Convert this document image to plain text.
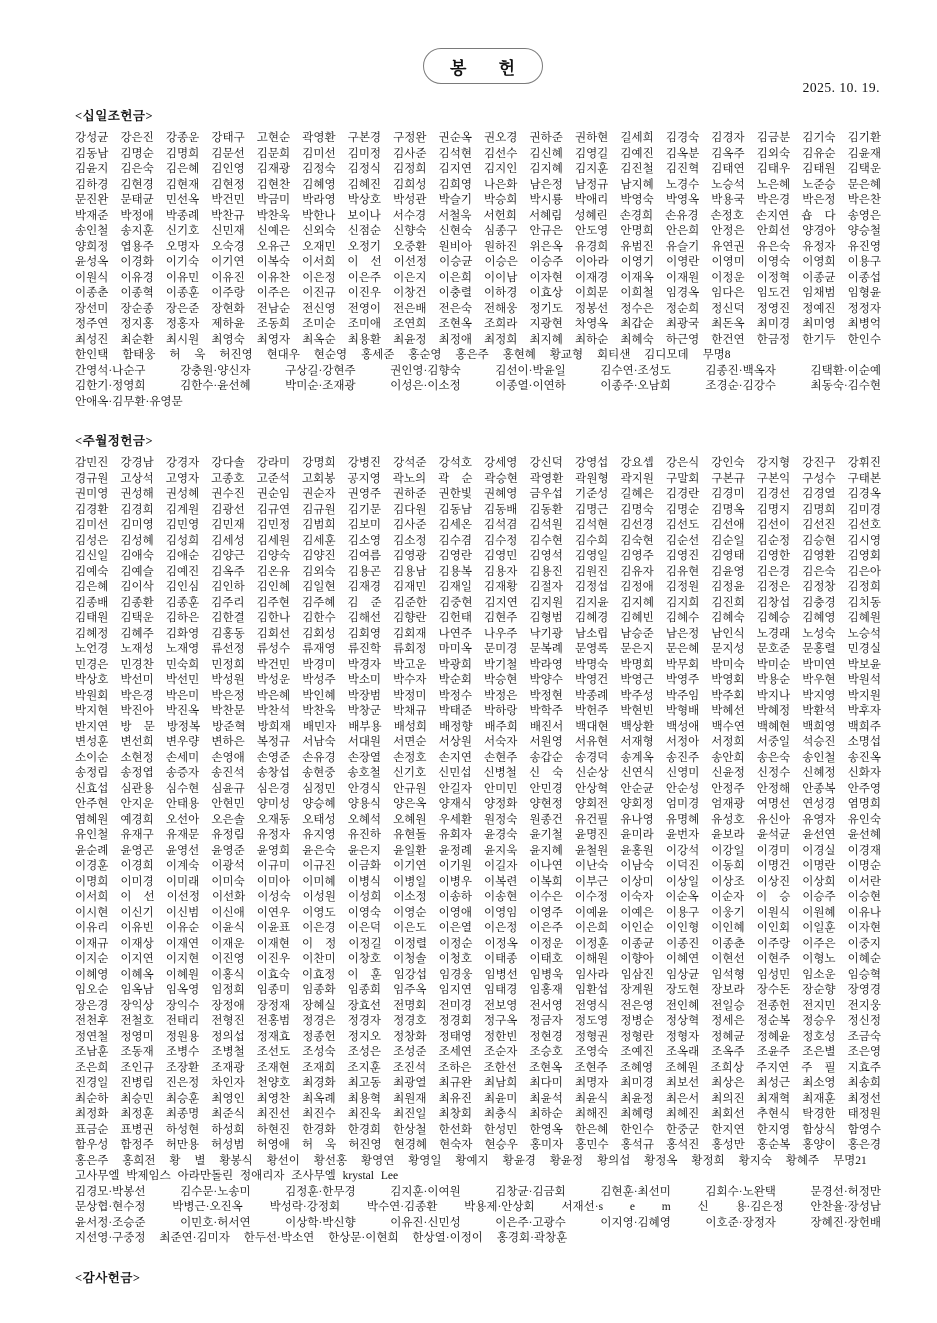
봉 헌
2025. 10. 19.
<십일조헌금>
강성균 강은진 강종운 강태구 고현순 곽영환 구본경 구정완 권순옥 권오경 권하준 권하현 길세희 김경숙 김경자 김금분 김기숙 김기환
김동남 김명순 김명희 김문선 김문희 김미선 김미정 김사준 김석현 김선수 김신혜 김영길 김예진 김옥분 김옥주 김외숙 김유순 김윤재
김윤지 김은숙 김은혜 김인영 김재광 김정숙 김정식 김정희 김지연 김지인 김지혜 김지훈 김진철 김진혁 김태연 김태우 김태원 김택운
김하경 김현경 김현재 김현정 김현찬 김혜영 김혜진 김희성 김희영 나은화 남은정 남정규 남지혜 노경수 노승석 노은혜 노준승 문은혜
문진완 문태균 민선옥 박건민 박금미 박라영 박상호 박성관 박슬기 박승희 박시룡 박애리 박영숙 박영옥 박용국 박은경 박은정 박은찬
박재준 박정애 박종례 박찬규 박찬욱 박한나 보이나 서수경 서철욱 서헌희 서혜림 성혜린 손경희 손유경 손정호 손지연 숍 다 송영은
송인철 송지훈 신기호 신민재 신예은 신외숙 신점순 신향숙 신현숙 심종구 안규은 안도영 안명희 안은희 안정은 안희선 양경아 양승철
양희정 엽용주 오명자 오숙경 오유근 오재민 오정기 오중환 원비아 원하진 위은옥 유경희 유범진 유슬기 유연권 유은숙 유정자 유진영
윤성옥 이경화 이기숙 이기연 이복숙 이서희 이 선 이선정 이승균 이승은 이승주 이아라 이영기 이영란 이영미 이영숙 이영희 이용구
이원식 이유경 이유민 이유진 이유찬 이은정 이은주 이은지 이은희 이이남 이자현 이재경 이재옥 이재원 이정운 이정혁 이종균 이종섭
이종춘 이종혁 이종훈 이주랑 이주은 이진규 이진우 이창건 이충렬 이하경 이효상 이희문 이희철 임경옥 임다은 임도건 임채범 임형윤
장선미 장순종 장은준 장현화 전남순 전신영 전영이 전은배 전은숙 전해웅 정기도 정봉선 정수은 정순희 정신덕 정영진 정예진 정정자
정주연 정지홍 정홍자 제하윤 조동희 조미순 조미애 조연희 조현옥 조희라 지광현 차영옥 최갑순 최광국 최돈옥 최미경 최미영 최병억
최성진 최순환 최시원 최영숙 최영자 최옥순 최용환 최윤정 최정애 최정희 최지혜 최하순 최혜숙 하근영 한건연 한금정 한기두 한인수
한인택 함태웅 허 욱 허진영 현대우 현순영 홍세준 홍순영 홍은주 홍현혜 황교형 회티샌 김디모데 무명8
간영석·나순구 강충원·양신자 구상길·강현주 권인영·김향숙 김선이·박윤일 김수연·조성도 김종진·백옥자 김택환·이순예
김한기·정영희 김한수·윤선혜 박미순·조재광 이성은·이소정 이종열·이연하 이종주·오남희 조경순·김강수 최동숙·김수현
안애옥·김무환·유영문
<주월정헌금>
감민진 강경남 강경자 강다솔 강라미 강명희 강병진 강석준 강석호 강세영 강신덕 강영섭 강요셉 강은식 강인숙 강지형 강진구 강휘진
경규원 고상석 고영자 고종호 고준석 고회봉 공지영 곽노의 곽 순 곽승현 곽영환 곽원형 곽지원 구말회 구본규 구본익 구성수 구태본
권미영 권성해 권성혜 권수진 권순임 권순자 권영주 권하준 권한빛 권혜영 금우섭 기준성 길혜은 김경란 김경미 김경선 김경열 김경옥
김경환 김경희 김계원 김광선 김규연 김규원 김기문 김다원 김동남 김동배 김동환 김명근 김명숙 김명순 김명옥 김명지 김명희 김미경
김미선 김미영 김민영 김민재 김민정 김범희 김보미 김사준 김세온 김석겸 김석원 김석현 김선경 김선도 김선애 김선이 김선진 김선호
김성은 김성혜 김성희 김세성 김세원 김세훈 김소영 김소정 김수겸 김수정 김수현 김수희 김숙현 김순선 김순일 김순정 김승현 김시영
김신일 김애숙 김애순 김양근 김양숙 김양진 김여름 김영광 김영란 김영민 김영석 김영일 김영주 김영진 김영태 김영한 김영환 김영회
김예숙 김예슬 김예진 김옥주 김온유 김외숙 김용곤 김용남 김용복 김용자 김용진 김원진 김유자 김유현 김윤영 김은경 김은숙 김은아
김은혜 김이삭 김인심 김인하 김인혜 김일현 김재경 김재민 김재일 김재황 김절자 김정섭 김정애 김정원 김정윤 김정은 김정창 김정희
김종배 김종환 김종훈 김주리 김주현 김주혜 김 준 김준한 김중현 김지연 김지원 김지윤 김지혜 김지희 김진희 김창섭 김충경 김치동
김태원 김택운 김하은 김한결 김한나 김한수 김해선 김향란 김헌태 김현주 김형범 김혜경 김혜빈 김혜수 김혜숙 김혜승 김혜영 김혜원
김혜정 김혜주 김화영 김홍동 김회선 김회성 김회영 김회재 나연주 나우주 낙기광 남소립 남승준 남은정 남인식 노경래 노성숙 노승석
노언경 노재성 노재영 류선정 류성수 류재영 류진학 류회정 마미옥 문미경 문복례 문영록 문은지 문은혜 문지성 문호준 문홍렬 민경실
민경은 민경찬 민숙희 민정희 박건민 박경미 박경자 박고운 박광희 박기철 박라영 박명숙 박명희 박무회 박미숙 박미순 박미연 박보윤
박상호 박선미 박선민 박성원 박성운 박성주 박소미 박수자 박순회 박승현 박양수 박영건 박영근 박영주 박영회 박용순 박우현 박원석
박원회 박은경 박은미 박은정 박은혜 박인혜 박장범 박정미 박정수 박정은 박정현 박종례 박주성 박주임 박주회 박지나 박지영 박지원
박지현 박진아 박진옥 박찬문 박찬석 박찬욱 박창군 박채규 박태준 박하랑 박학주 박헌주 박현빈 박형배 박혜선 박혜정 박환석 박후자
반지연 방 문 방정복 방준혁 방희재 배민자 배부용 배성희 배정향 배주희 배진서 백대현 백상환 백성애 백수연 백혜현 백희영 백희주
변성훈 변선희 변우량 변하은 복정규 서남숙 서대원 서면순 서상원 서숙자 서원영 서유현 서재형 서정아 서정희 서중일 석승진 소명섭
소이순 소현정 손세미 손영애 손영준 손유경 손장열 손정호 손지연 손현주 송갑순 송경덕 송계옥 송진주 송안희 송은숙 송인철 송진옥
송정림 송정엽 송증자 송진석 송창섭 송현중 송호철 신기호 신민섭 신병철 신 숙 신순상 신연식 신영미 신윤정 신정수 신혜정 신화자
신효섭 심관용 심수현 심윤규 심은경 심정민 안경식 안규원 안길자 안미민 안민경 안상혁 안순균 안순성 안정주 안정해 안종복 안주영
안주현 안지운 안태용 안현민 양미성 양승혜 양용식 양은옥 양재식 양정화 양현정 양회전 양회정 엄미경 엄재광 여명선 연성경 염명희
염혜원 예경희 오선아 오은솔 오재동 오태성 오혜석 오혜원 우세환 원정숙 원종건 유건필 유나영 유명혜 유성호 유신아 유영자 유인숙
유인철 유재구 유재문 유정림 유정자 유지영 유진하 유현돌 유회자 윤경숙 윤기철 윤명진 윤미라 윤번자 윤보라 윤석균 윤선연 윤선혜
윤순례 윤영곤 윤영선 윤영준 윤영희 윤은숙 윤은지 윤일환 윤정례 윤지욱 윤지혜 윤철원 윤홍원 이강석 이강일 이경미 이경실 이경재
이경훈 이경희 이계숙 이광석 이규미 이규진 이금화 이기연 이기원 이길자 이나연 이난숙 이남숙 이덕진 이동희 이명건 이명란 이명순
이명희 이미경 이미래 이미숙 이미아 이미혜 이병식 이병일 이병우 이복련 이복희 이부근 이상미 이상일 이상조 이상진 이상희 이서란
이서희 이 선 이선정 이선화 이성숙 이성원 이성희 이소정 이송하 이송현 이수은 이수정 이숙자 이순옥 이순자 이 승 이승주 이승현
이시현 이신기 이신범 이신애 이연우 이영도 이영숙 이영순 이영애 이영임 이영주 이예윤 이예은 이용구 이웅기 이원식 이원혜 이유나
이유리 이유빈 이유순 이윤식 이윤표 이은경 이은덕 이은도 이은열 이은정 이은주 이은희 이인순 이인형 이인혜 이인회 이일훈 이자현
이재규 이재상 이재연 이재운 이재현 이 정 이정길 이정렬 이정순 이정옥 이정운 이정훈 이종균 이종진 이종춘 이주랑 이주은 이중지
이지순 이지연 이지현 이진영 이진우 이찬미 이창호 이청솔 이청호 이태종 이태호 이해원 이향아 이혜연 이현선 이현주 이형노 이혜순
이혜영 이혜옥 이혜원 이홍식 이효숙 이효정 이 훈 임강섭 임경웅 임병선 임병욱 임사라 임삼진 임상균 임석형 임성민 임소운 임승혁
임오순 임옥남 임옥영 임정희 임종미 임종화 임종희 임주옥 임지연 임태경 임홍재 임환섭 장계원 장도현 장보라 장수돈 장순향 장영경
장은경 장익상 장익수 장정애 장정재 장혜실 장효선 전명회 전미경 전보영 전서영 전영식 전은영 전인혜 전일승 전종헌 전지민 전지웅
전천후 전철호 전태리 전형진 전홍범 정경은 정경자 정경호 정경회 정구옥 정금자 정도영 정병순 정상혁 정세은 정순복 정승우 정신정
정연철 정영미 정원용 정의섭 정재효 정종헌 정지오 정창화 정태영 정한빈 정현경 정형권 정형란 정형자 정혜균 정혜윤 정호성 조금숙
조남훈 조동재 조병수 조병철 조선도 조성숙 조성은 조성준 조세연 조순자 조승호 조영숙 조예진 조옥래 조옥주 조윤주 조은별 조은영
조은희 조인규 조장환 조재광 조재현 조재희 조지훈 조진석 조하은 조한선 조현옥 조현주 조혜영 조혜원 조희상 주지연 주 필 지효주
진경일 진병림 진은정 차인자 천양호 최경화 최고동 최광열 최규완 최남희 최다미 최명자 최미경 최보선 최상은 최성근 최소영 최송희
최순하 최승민 최승훈 최영인 최영찬 최옥례 최용혁 최원재 최유진 최윤미 최윤석 최윤식 최윤정 최은서 최의진 최재혁 최재훈 최정선
최정화 최정훈 최종명 최준식 최진선 최진수 최진욱 최진일 최창회 최충식 최하순 최해진 최혜령 최혜진 최회선 추현식 탁경한 태정원
표금순 표병권 하성현 하성희 하현진 한경화 한경희 한상철 한선화 한성민 한영옥 한은혜 한인수 한중군 한지연 한지영 함상식 함영수
함우성 함정주 허만용 허성범 허영애 허 욱 허진영 현경혜 현숙자 현승우 홍미자 홍민수 홍석규 홍석진 홍성만 홍순복 홍양이 홍은경
홍은주 홍희전 황 별 황봉식 황선이 황선홍 황영연 황영일 황예지 황윤경 황윤정 황의섭 황정옥 황정희 황지숙 황혜주 무명21
고사무엘 박제임스 아라만돌린 정애리자 조사무엘 krystal Lee
김경모·박봉선 김수문·노송미 김정훈·한무경 김지훈·이여원 김창균·김금회 김현훈·최선미 김회수·노완택 문경선·허정만
문상협·현수정 박병근·오진옥 박성락·강정회 박수연·김종환 박용제·안상회 서재선·s e m 신 용·김은정 안찬율·장성남
윤서정·조승준 이민호·허서연 이상학·박신향 이유진·신민성 이은주·고광수 이지영·김혜영 이호준·장정자 장혜진·장헌배
지선영·구중정 최준연·김미자 한두선·박소연 한상문·이현희 한상열·이정이 홍경회·곽창훈
<감사헌금>
